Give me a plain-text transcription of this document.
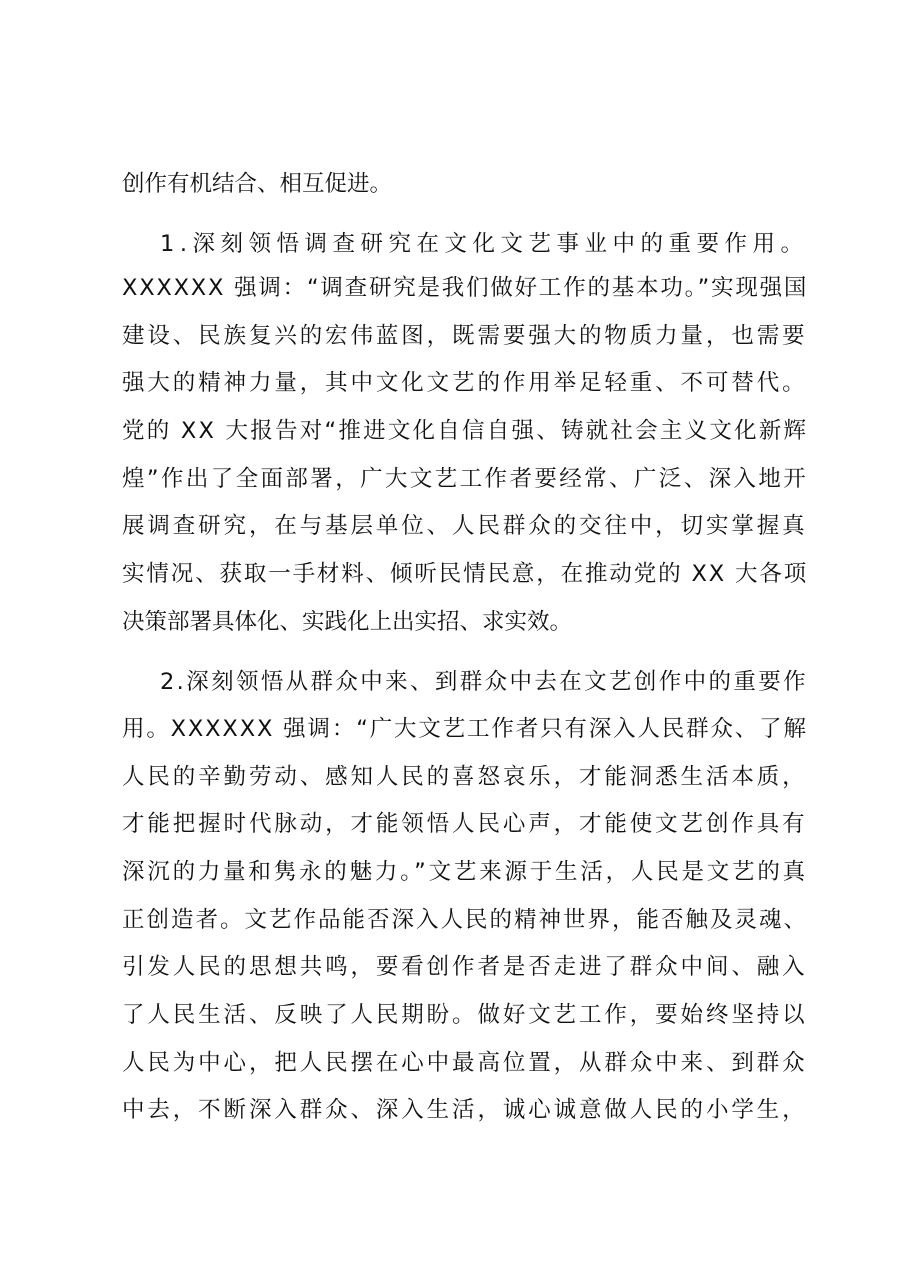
创作有机结合、相互促进。
1.深刻领悟调查研究在文化文艺事业中的重要作用。
XXXXXX 强调：“调查研究是我们做好工作的基本功。”实现强国
建设、民族复兴的宏伟蓝图，既需要强大的物质力量，也需要
强大的精神力量，其中文化文艺的作用举足轻重、不可替代。
党的 XX 大报告对“推进文化自信自强、铸就社会主义文化新辉
煌”作出了全面部署，广大文艺工作者要经常、广泛、深入地开
展调查研究，在与基层单位、人民群众的交往中，切实掌握真
实情况、获取一手材料、倾听民情民意，在推动党的 XX 大各项
决策部署具体化、实践化上出实招、求实效。
2.深刻领悟从群众中来、到群众中去在文艺创作中的重要作
用。XXXXXX 强调：“广大文艺工作者只有深入人民群众、了解
人民的辛勤劳动、感知人民的喜怒哀乐，才能洞悉生活本质，
才能把握时代脉动，才能领悟人民心声，才能使文艺创作具有
深沉的力量和隽永的魅力。”文艺来源于生活，人民是文艺的真
正创造者。文艺作品能否深入人民的精神世界，能否触及灵魂、
引发人民的思想共鸣，要看创作者是否走进了群众中间、融入
了人民生活、反映了人民期盼。做好文艺工作，要始终坚持以
人民为中心，把人民摆在心中最高位置，从群众中来、到群众
中去，不断深入群众、深入生活，诚心诚意做人民的小学生，
